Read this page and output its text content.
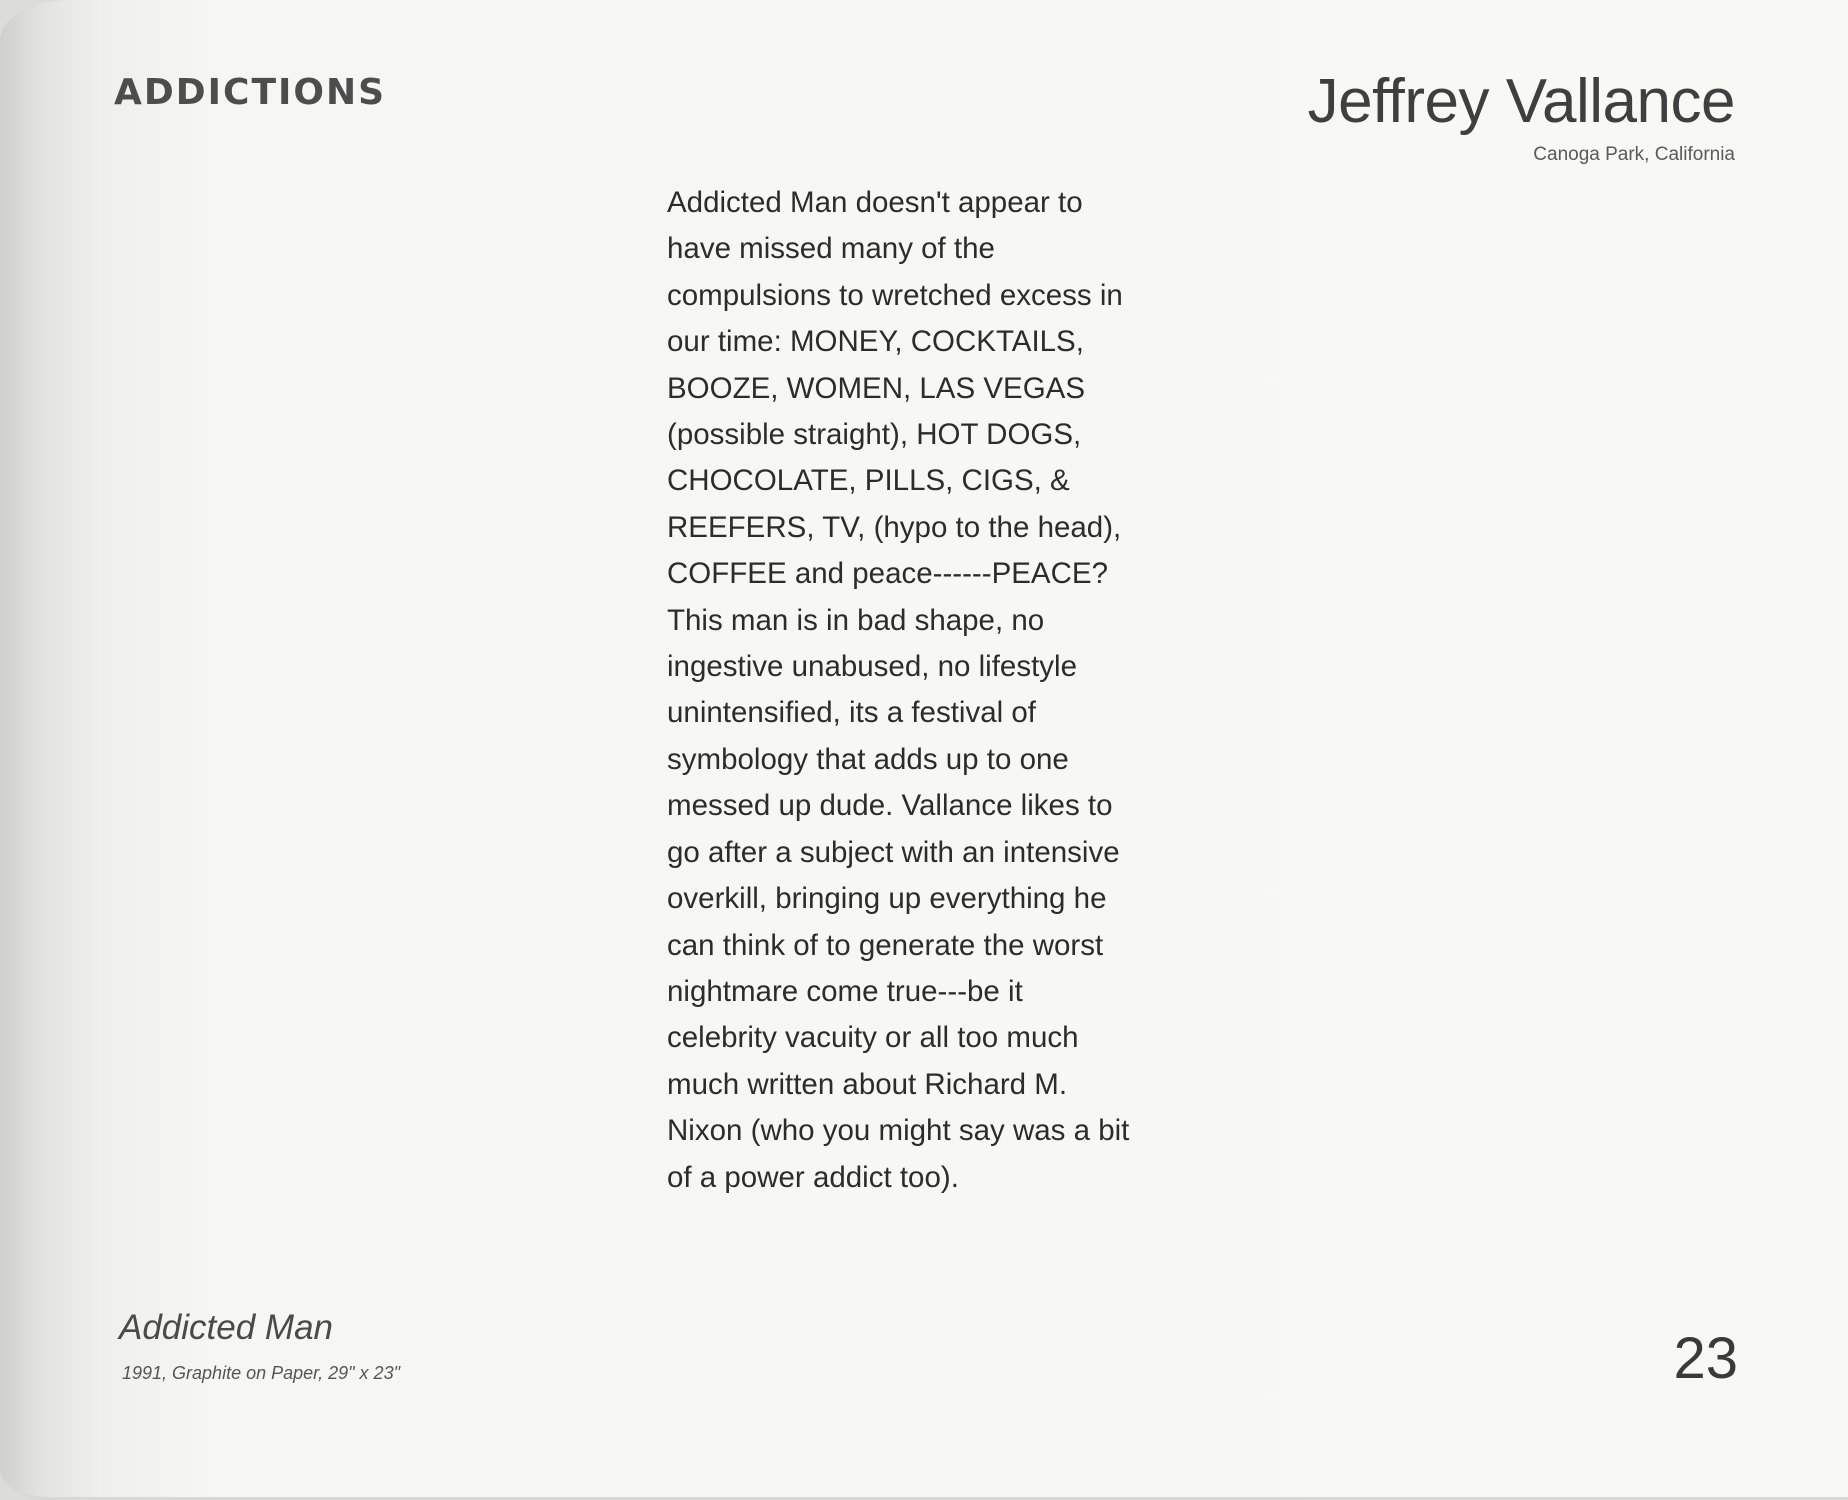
ADDICTIONS	Jeffrey Vallance
Canoga Park, California
Addicted Man doesn't appear to
have missed many of the
compulsions to wretched excess in
our time: MONEY, COCKTAILS,
BOOZE, WOMEN, LAS VEGAS
(possible straight), HOT DOGS,
CHOCOLATE, PILLS, CIGS, &
REEFERS, TV, (hypo to the head),
COFFEE and peace------PEACE?
This man is in bad shape, no
ingestive unabused, no lifestyle
unintensified, its a festival of
symbology that adds up to one
messed up dude. Vallance likes to
go after a subject with an intensive
overkill, bringing up everything he
can think of to generate the worst
nightmare come true---be it
celebrity vacuity or all too much
much written about Richard M.
Nixon (who you might say was a bit
of a power addict too).
Addicted Man
1991, Graphite on Paper, 29" x 23"	23
